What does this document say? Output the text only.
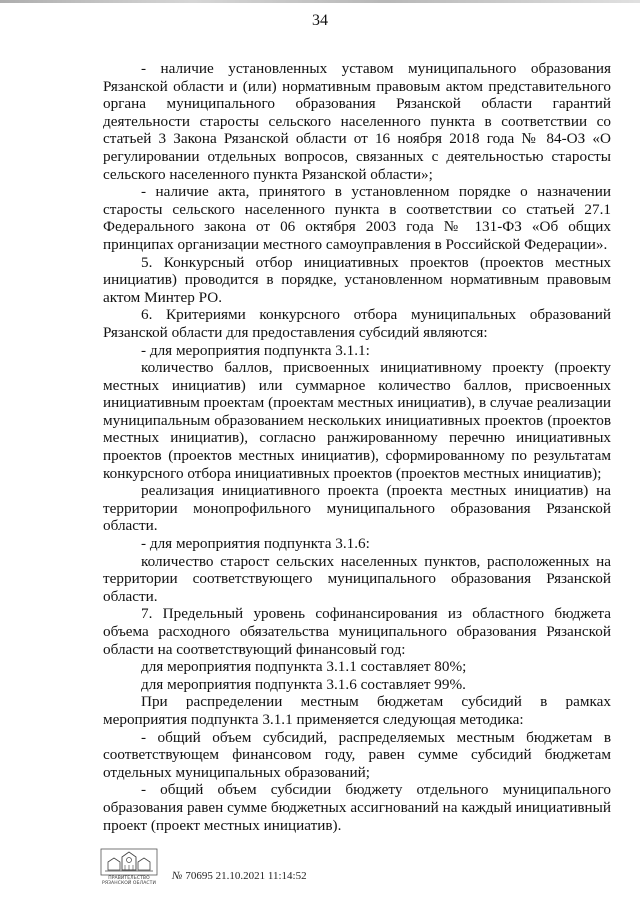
34

- наличие установленных уставом муниципального образования Рязанской области и (или) нормативным правовым актом представительного органа муниципального образования Рязанской области гарантий деятельности старосты сельского населенного пункта в соответствии со статьей 3 Закона Рязанской области от 16 ноября 2018 года № 84-ОЗ «О регулировании отдельных вопросов, связанных с деятельностью старосты сельского населенного пункта Рязанской области»;

- наличие акта, принятого в установленном порядке о назначении старосты сельского населенного пункта в соответствии со статьей 27.1 Федерального закона от 06 октября 2003 года № 131-ФЗ «Об общих принципах организации местного самоуправления в Российской Федерации».

5. Конкурсный отбор инициативных проектов (проектов местных инициатив) проводится в порядке, установленном нормативным правовым актом Минтер РО.

6. Критериями конкурсного отбора муниципальных образований Рязанской области для предоставления субсидий являются:

- для мероприятия подпункта 3.1.1:

количество баллов, присвоенных инициативному проекту (проекту местных инициатив) или суммарное количество баллов, присвоенных инициативным проектам (проектам местных инициатив), в случае реализации муниципальным образованием нескольких инициативных проектов (проектов местных инициатив), согласно ранжированному перечню инициативных проектов (проектов местных инициатив), сформированному по результатам конкурсного отбора инициативных проектов (проектов местных инициатив);

реализация инициативного проекта (проекта местных инициатив) на территории монопрофильного муниципального образования Рязанской области.

- для мероприятия подпункта 3.1.6:

количество старост сельских населенных пунктов, расположенных на территории соответствующего муниципального образования Рязанской области.

7. Предельный уровень софинансирования из областного бюджета объема расходного обязательства муниципального образования Рязанской области на соответствующий финансовый год:

для мероприятия подпункта 3.1.1 составляет 80%;

для мероприятия подпункта 3.1.6 составляет 99%.

При распределении местным бюджетам субсидий в рамках мероприятия подпункта 3.1.1 применяется следующая методика:

- общий объем субсидий, распределяемых местным бюджетам в соответствующем финансовом году, равен сумме субсидий бюджетам отдельных муниципальных образований;

- общий объем субсидии бюджету отдельного муниципального образования равен сумме бюджетных ассигнований на каждый инициативный проект (проект местных инициатив).

ПРАВИТЕЛЬСТВО РЯЗАНСКОЙ ОБЛАСТИ
№ 70695 21.10.2021 11:14:52
